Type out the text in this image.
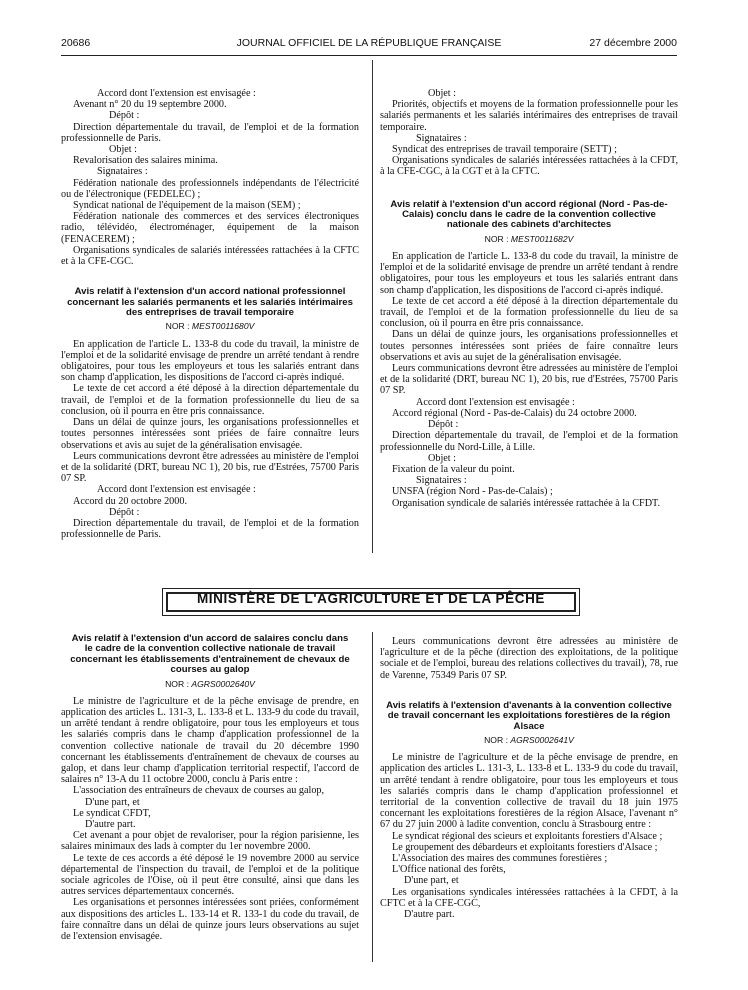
20686	JOURNAL OFFICIEL DE LA RÉPUBLIQUE FRANÇAISE	27 décembre 2000

Accord dont l'extension est envisagée :

Avenant n° 20 du 19 septembre 2000.

Dépôt :

Direction départementale du travail, de l'emploi et de la formation professionnelle de Paris.

Objet :

Revalorisation des salaires minima.

Signataires :

Fédération nationale des professionnels indépendants de l'électricité ou de l'électronique (FEDELEC) ;

Syndicat national de l'équipement de la maison (SEM) ;

Fédération nationale des commerces et des services électroniques radio, télévidéo, électroménager, équipement de la maison (FENACEREM) ;

Organisations syndicales de salariés intéressées rattachées à la CFTC et à la CFE-CGC.

Avis relatif à l'extension d'un accord national professionnel concernant les salariés permanents et les salariés intérimaires des entreprises de travail temporaire

NOR : MEST0011680V

En application de l'article L. 133-8 du code du travail, la ministre de l'emploi et de la solidarité envisage de prendre un arrêté tendant à rendre obligatoires, pour tous les employeurs et tous les salariés entrant dans son champ d'application, les dispositions de l'accord ci-après indiqué.

Le texte de cet accord a été déposé à la direction départementale du travail, de l'emploi et de la formation professionnelle du lieu de sa conclusion, où il pourra en être pris connaissance.

Dans un délai de quinze jours, les organisations professionnelles et toutes personnes intéressées sont priées de faire connaître leurs observations et avis au sujet de la généralisation envisagée.

Leurs communications devront être adressées au ministère de l'emploi et de la solidarité (DRT, bureau NC 1), 20 bis, rue d'Estrées, 75700 Paris 07 SP.

Accord dont l'extension est envisagée :

Accord du 20 octobre 2000.

Dépôt :

Direction départementale du travail, de l'emploi et de la formation professionnelle de Paris.

Objet :

Priorités, objectifs et moyens de la formation professionnelle pour les salariés permanents et les salariés intérimaires des entreprises de travail temporaire.

Signataires :

Syndicat des entreprises de travail temporaire (SETT) ;

Organisations syndicales de salariés intéressées rattachées à la CFDT, à la CFE-CGC, à la CGT et à la CFTC.

Avis relatif à l'extension d'un accord régional (Nord - Pas-de-Calais) conclu dans le cadre de la convention collective nationale des cabinets d'architectes

NOR : MEST0011682V

En application de l'article L. 133-8 du code du travail, la ministre de l'emploi et de la solidarité envisage de prendre un arrêté tendant à rendre obligatoires, pour tous les employeurs et tous les salariés entrant dans son champ d'application, les dispositions de l'accord ci-après indiqué.

Le texte de cet accord a été déposé à la direction départementale du travail, de l'emploi et de la formation professionnelle du lieu de sa conclusion, où il pourra en être pris connaissance.

Dans un délai de quinze jours, les organisations professionnelles et toutes personnes intéressées sont priées de faire connaître leurs observations et avis au sujet de la généralisation envisagée.

Leurs communications devront être adressées au ministère de l'emploi et de la solidarité (DRT, bureau NC 1), 20 bis, rue d'Estrées, 75700 Paris 07 SP.

Accord dont l'extension est envisagée :

Accord régional (Nord - Pas-de-Calais) du 24 octobre 2000.

Dépôt :

Direction départementale du travail, de l'emploi et de la formation professionnelle du Nord-Lille, à Lille.

Objet :

Fixation de la valeur du point.

Signataires :

UNSFA (région Nord - Pas-de-Calais) ;

Organisation syndicale de salariés intéressée rattachée à la CFDT.

MINISTÈRE DE L'AGRICULTURE ET DE LA PÊCHE

Avis relatif à l'extension d'un accord de salaires conclu dans le cadre de la convention collective nationale de travail concernant les établissements d'entraînement de chevaux de courses au galop

NOR : AGRS0002640V

Le ministre de l'agriculture et de la pêche envisage de prendre, en application des articles L. 131-3, L. 133-8 et L. 133-9 du code du travail, un arrêté tendant à rendre obligatoire, pour tous les employeurs et tous les salariés compris dans le champ d'application professionnel de la convention collective nationale de travail du 20 décembre 1990 concernant les établissements d'entraînement de chevaux de courses au galop, et dans leur champ d'application territorial respectif, l'accord de salaires n° 13-A du 11 octobre 2000, conclu à Paris entre :

L'association des entraîneurs de chevaux de courses au galop,

D'une part, et

Le syndicat CFDT,

D'autre part.

Cet avenant a pour objet de revaloriser, pour la région parisienne, les salaires minimaux des lads à compter du 1er novembre 2000.

Le texte de ces accords a été déposé le 19 novembre 2000 au service départemental de l'inspection du travail, de l'emploi et de la politique sociale agricoles de l'Oise, où il peut être consulté, ainsi que dans les autres services départementaux concernés.

Les organisations et personnes intéressées sont priées, conformément aux dispositions des articles L. 133-14 et R. 133-1 du code du travail, de faire connaître dans un délai de quinze jours leurs observations au sujet de l'extension envisagée.

Leurs communications devront être adressées au ministère de l'agriculture et de la pêche (direction des exploitations, de la politique sociale et de l'emploi, bureau des relations collectives du travail), 78, rue de Varenne, 75349 Paris 07 SP.

Avis relatifs à l'extension d'avenants à la convention collective de travail concernant les exploitations forestières de la région Alsace

NOR : AGRS0002641V

Le ministre de l'agriculture et de la pêche envisage de prendre, en application des articles L. 131-3, L. 133-8 et L. 133-9 du code du travail, un arrêté tendant à rendre obligatoire, pour tous les employeurs et tous les salariés compris dans le champ d'application professionnel et territorial de la convention collective de travail du 18 juin 1975 concernant les exploitations forestières de la région Alsace, l'avenant n° 67 du 27 juin 2000 à ladite convention, conclu à Strasbourg entre :

Le syndicat régional des scieurs et exploitants forestiers d'Alsace ;

Le groupement des débardeurs et exploitants forestiers d'Alsace ;

L'Association des maires des communes forestières ;

L'Office national des forêts,

D'une part, et

Les organisations syndicales intéressées rattachées à la CFDT, à la CFTC et à la CFE-CGC,

D'autre part.
